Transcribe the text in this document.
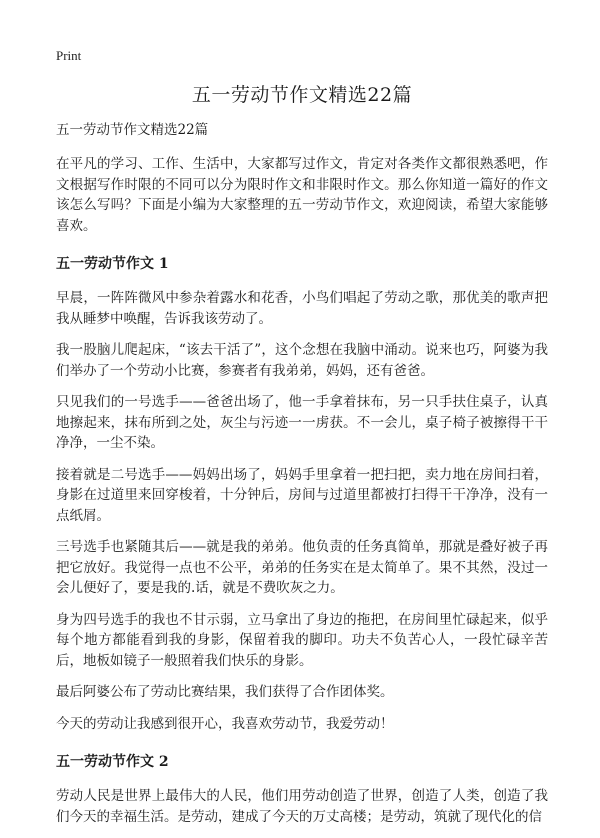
Print
五一劳动节作文精选22篇
五一劳动节作文精选22篇

在平凡的学习、工作、生活中，大家都写过作文，肯定对各类作文都很熟悉吧，作文根据写作时限的不同可以分为限时作文和非限时作文。那么你知道一篇好的作文该怎么写吗？下面是小编为大家整理的五一劳动节作文，欢迎阅读，希望大家能够喜欢。

五一劳动节作文 1

早晨，一阵阵微风中参杂着露水和花香，小鸟们唱起了劳动之歌，那优美的歌声把我从睡梦中唤醒，告诉我该劳动了。

我一股脑儿爬起床，“该去干活了”，这个念想在我脑中涌动。说来也巧，阿婆为我们举办了一个劳动小比赛，参赛者有我弟弟，妈妈，还有爸爸。

只见我们的一号选手——爸爸出场了，他一手拿着抹布，另一只手扶住桌子，认真地擦起来，抹布所到之处，灰尘与污迹一一虏获。不一会儿，桌子椅子被擦得干干净净，一尘不染。

接着就是二号选手——妈妈出场了，妈妈手里拿着一把扫把，卖力地在房间扫着，身影在过道里来回穿梭着，十分钟后，房间与过道里都被打扫得干干净净，没有一点纸屑。

三号选手也紧随其后——就是我的弟弟。他负责的任务真简单，那就是叠好被子再把它放好。我觉得一点也不公平，弟弟的任务实在是太简单了。果不其然，没过一会儿便好了，要是我的.话，就是不费吹灰之力。

身为四号选手的我也不甘示弱，立马拿出了身边的拖把，在房间里忙碌起来，似乎每个地方都能看到我的身影，保留着我的脚印。功夫不负苦心人，一段忙碌辛苦后，地板如镜子一般照着我们快乐的身影。

最后阿婆公布了劳动比赛结果，我们获得了合作团体奖。

今天的劳动让我感到很开心，我喜欢劳动节，我爱劳动！

五一劳动节作文 2

劳动人民是世界上最伟大的人民，他们用劳动创造了世界，创造了人类，创造了我们今天的幸福生活。是劳动，建成了今天的万丈高楼；是劳动，筑就了现代化的信
